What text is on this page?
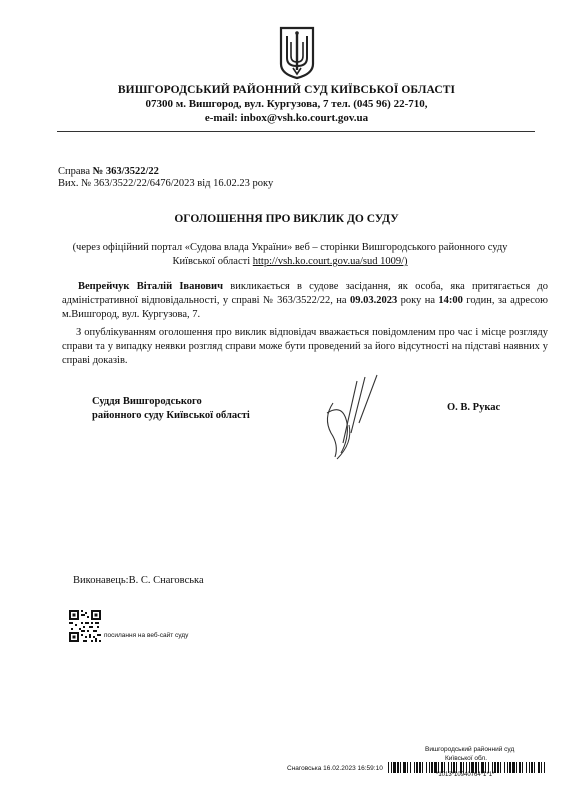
ВИШГОРОДСЬКИЙ РАЙОННИЙ СУД КИЇВСЬКОЇ ОБЛАСТІ
07300 м. Вишгород, вул. Кургузова, 7 тел. (045 96) 22-710,
e-mail: inbox@vsh.ko.court.gov.ua
Справа № 363/3522/22
Вих. № 363/3522/22/6476/2023 від 16.02.23 року
ОГОЛОШЕННЯ ПРО ВИКЛИК ДО СУДУ
(через офіційний портал «Судова влада України» веб – сторінки Вишгородського районного суду Київської області http://vsh.ko.court.gov.ua/sud 1009/)
Вепрейчук Віталій Іванович викликається в судове засідання, як особа, яка притягається до адміністративної відповідальності, у справі № 363/3522/22, на 09.03.2023 року на 14:00 годин, за адресою м.Вишгород, вул. Кургузова, 7.
З опублікуванням оголошення про виклик відповідач вважається повідомленим про час і місце розгляду справи та у випадку неявки розгляд справи може бути проведений за його відсутності на підставі наявних у справі доказів.
Суддя Вишгородського
районного суду Київської області
О. В. Рукас
Виконавець:В. С. Снаговська
посилання на веб-сайт суду
Вишгородський районний суд
Київської обл.
Снаговська 16.02.2023 16:59:10
*1013*10940764*1*1*
